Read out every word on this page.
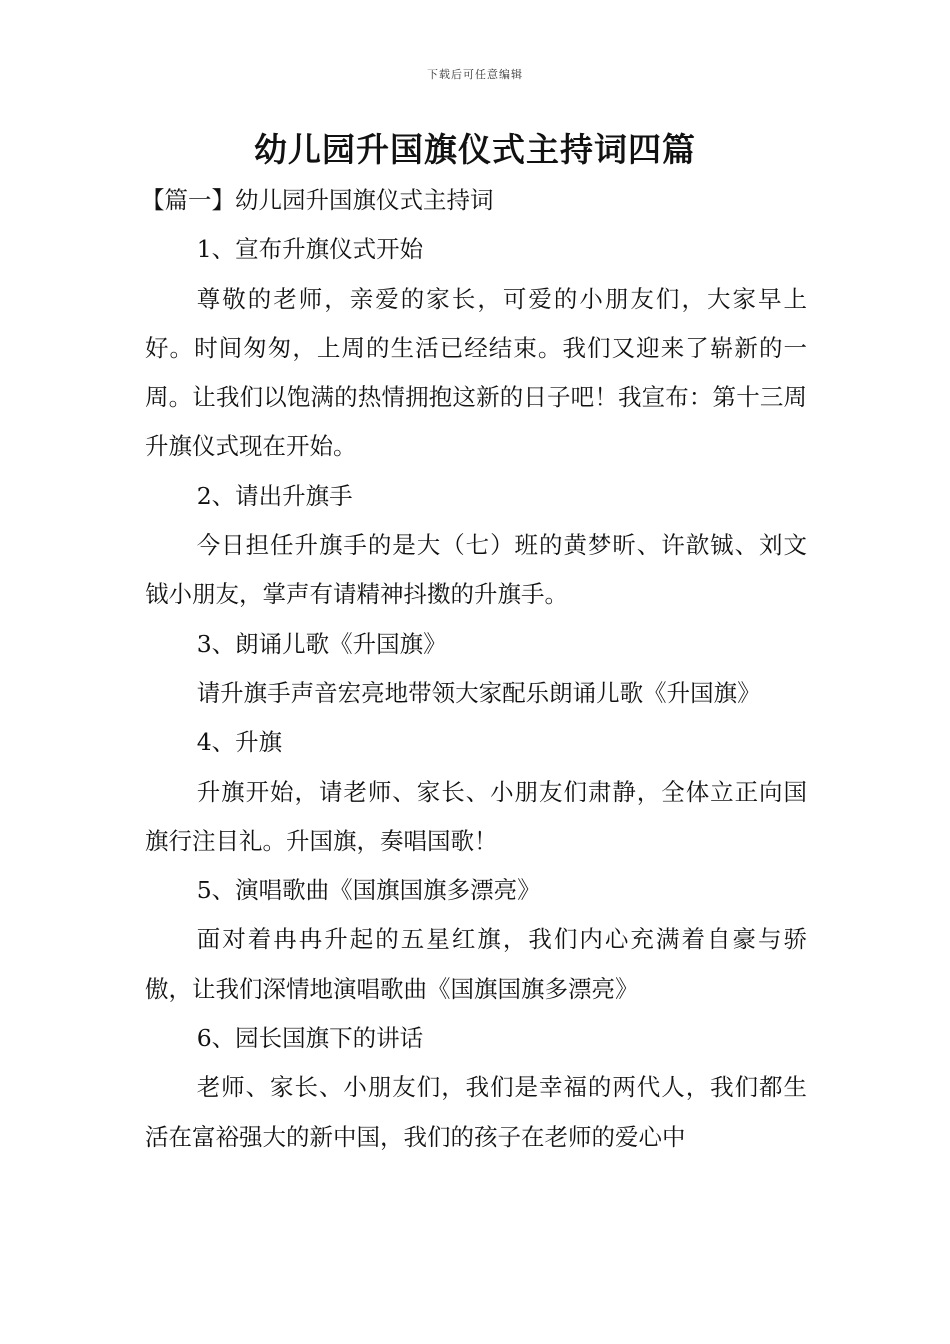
下载后可任意编辑
幼儿园升国旗仪式主持词四篇

【篇一】幼儿园升国旗仪式主持词

1、宣布升旗仪式开始

尊敬的老师，亲爱的家长，可爱的小朋友们，大家早上好。时间匆匆，上周的生活已经结束。我们又迎来了崭新的一周。让我们以饱满的热情拥抱这新的日子吧！我宣布：第十三周升旗仪式现在开始。

2、请出升旗手

今日担任升旗手的是大（七）班的黄梦昕、许歆铖、刘文钺小朋友，掌声有请精神抖擞的升旗手。

3、朗诵儿歌《升国旗》

请升旗手声音宏亮地带领大家配乐朗诵儿歌《升国旗》

4、升旗

升旗开始，请老师、家长、小朋友们肃静，全体立正向国旗行注目礼。升国旗，奏唱国歌！

5、演唱歌曲《国旗国旗多漂亮》

面对着冉冉升起的五星红旗，我们内心充满着自豪与骄傲，让我们深情地演唱歌曲《国旗国旗多漂亮》

6、园长国旗下的讲话

老师、家长、小朋友们，我们是幸福的两代人，我们都生活在富裕强大的新中国，我们的孩子在老师的爱心中
